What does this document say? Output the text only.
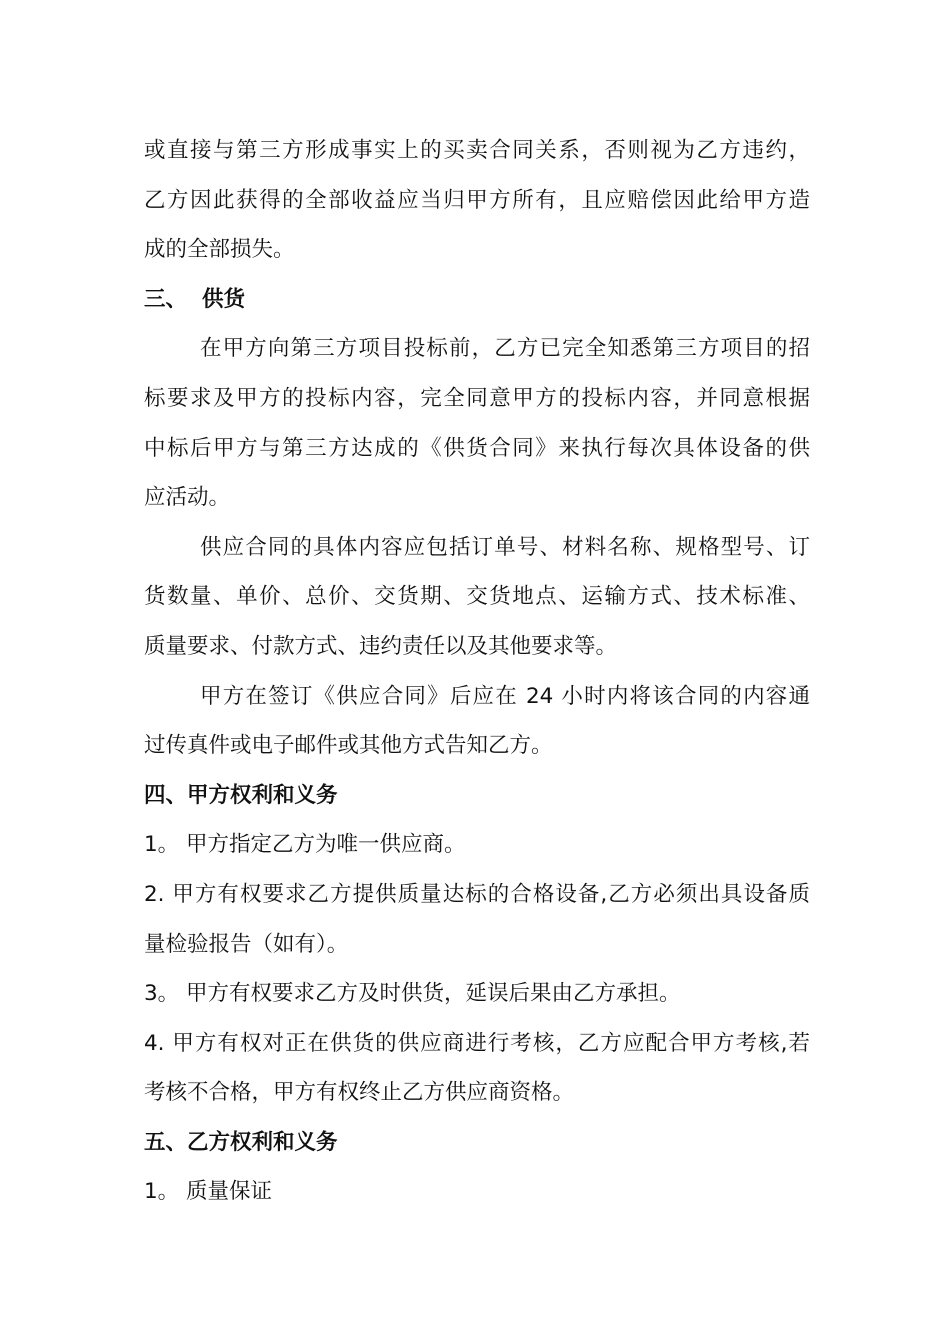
或直接与第三方形成事实上的买卖合同关系，否则视为乙方违约，
乙方因此获得的全部收益应当归甲方所有，且应赔偿因此给甲方造
成的全部损失。
三、  供货
在甲方向第三方项目投标前，乙方已完全知悉第三方项目的招
标要求及甲方的投标内容，完全同意甲方的投标内容，并同意根据
中标后甲方与第三方达成的《供货合同》来执行每次具体设备的供
应活动。
供应合同的具体内容应包括订单号、材料名称、规格型号、订
货数量、单价、总价、交货期、交货地点、运输方式、技术标准、
质量要求、付款方式、违约责任以及其他要求等。
甲方在签订《供应合同》后应在 24 小时内将该合同的内容通
过传真件或电子邮件或其他方式告知乙方。
四、甲方权利和义务
1。 甲方指定乙方为唯一供应商。
2. 甲方有权要求乙方提供质量达标的合格设备,乙方必须出具设备质
量检验报告（如有）。
3。 甲方有权要求乙方及时供货，延误后果由乙方承担。
4. 甲方有权对正在供货的供应商进行考核，乙方应配合甲方考核,若
考核不合格，甲方有权终止乙方供应商资格。
五、乙方权利和义务
1。 质量保证
